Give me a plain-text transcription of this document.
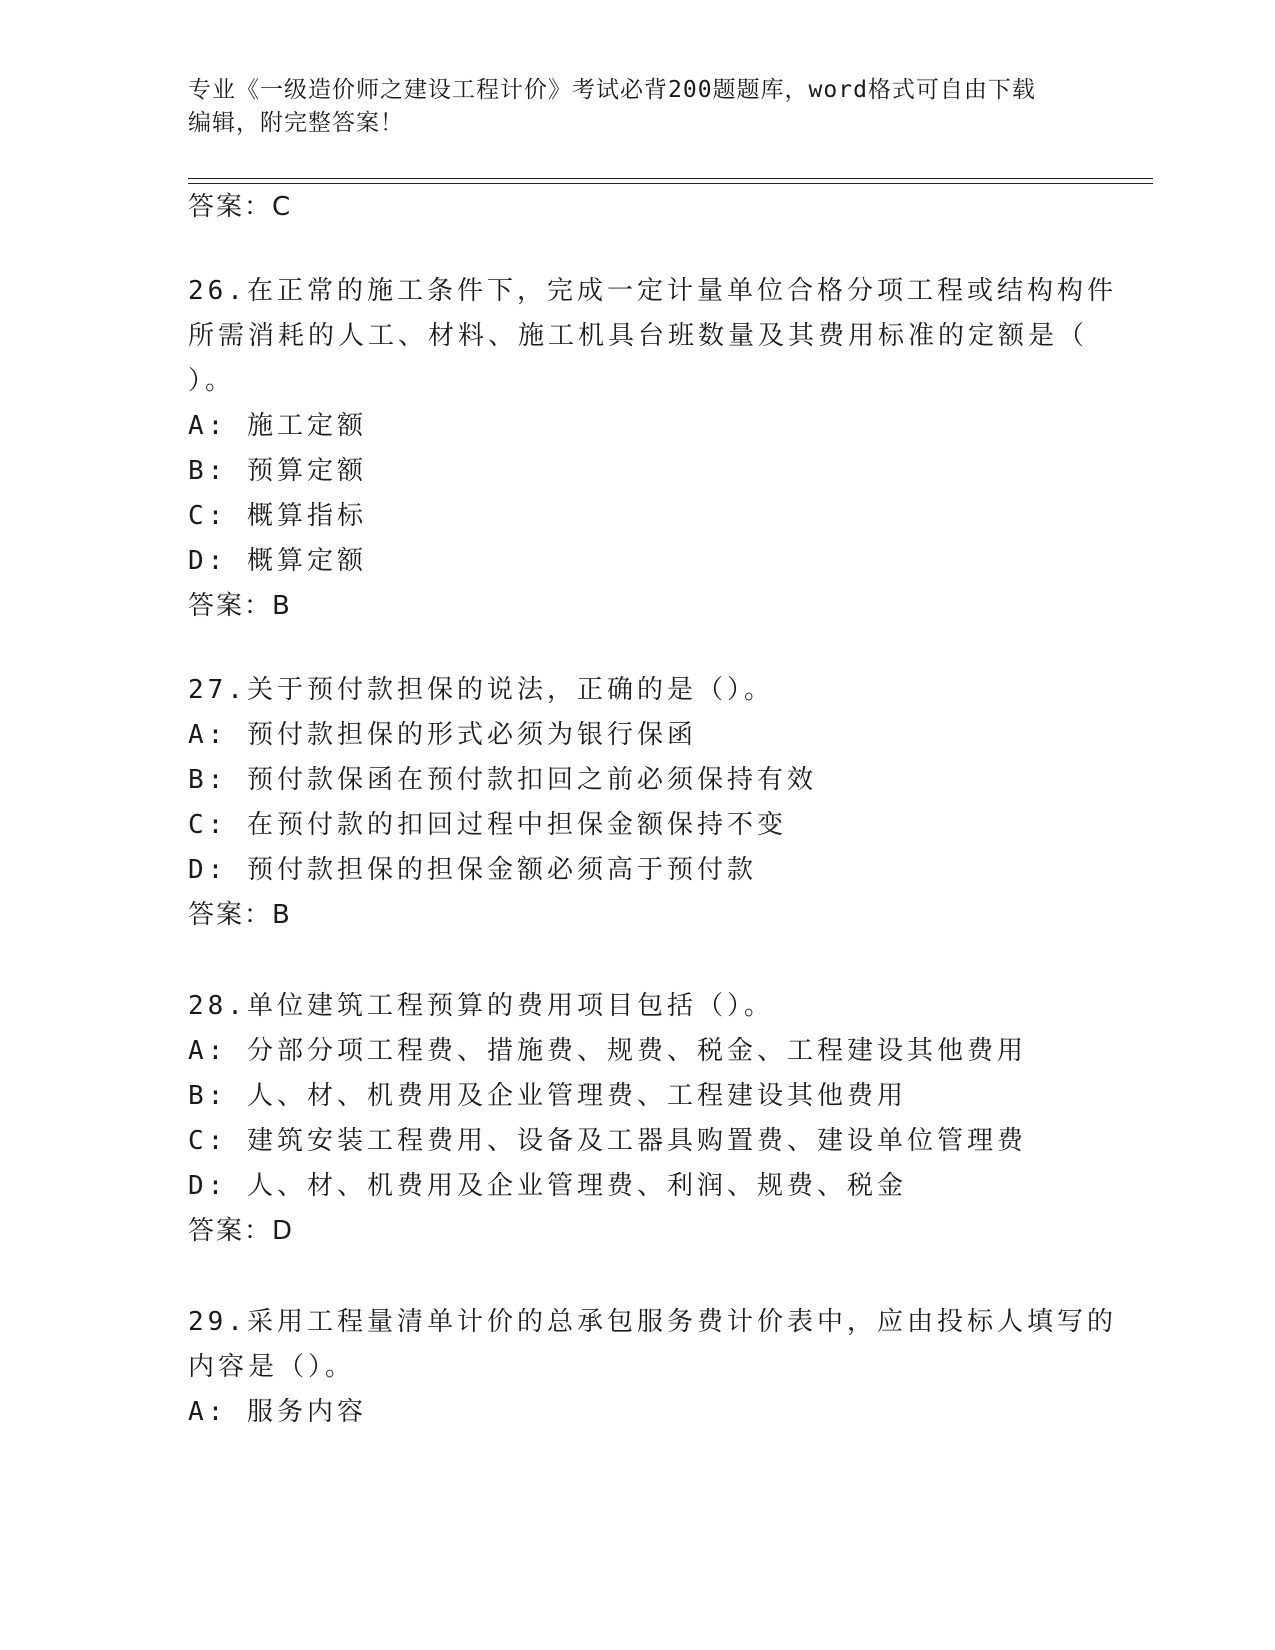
专业《一级造价师之建设工程计价》考试必背200题题库，word格式可自由下载
编辑，附完整答案！
答案：C
26.在正常的施工条件下，完成一定计量单位合格分项工程或结构构件
所需消耗的人工、材料、施工机具台班数量及其费用标准的定额是（
）。
A: 施工定额
B: 预算定额
C: 概算指标
D: 概算定额
答案：B
27.关于预付款担保的说法，正确的是（）。
A: 预付款担保的形式必须为银行保函
B: 预付款保函在预付款扣回之前必须保持有效
C: 在预付款的扣回过程中担保金额保持不变
D: 预付款担保的担保金额必须高于预付款
答案：B
28.单位建筑工程预算的费用项目包括（）。
A: 分部分项工程费、措施费、规费、税金、工程建设其他费用
B: 人、材、机费用及企业管理费、工程建设其他费用
C: 建筑安装工程费用、设备及工器具购置费、建设单位管理费
D: 人、材、机费用及企业管理费、利润、规费、税金
答案：D
29.采用工程量清单计价的总承包服务费计价表中，应由投标人填写的
内容是（）。
A: 服务内容
